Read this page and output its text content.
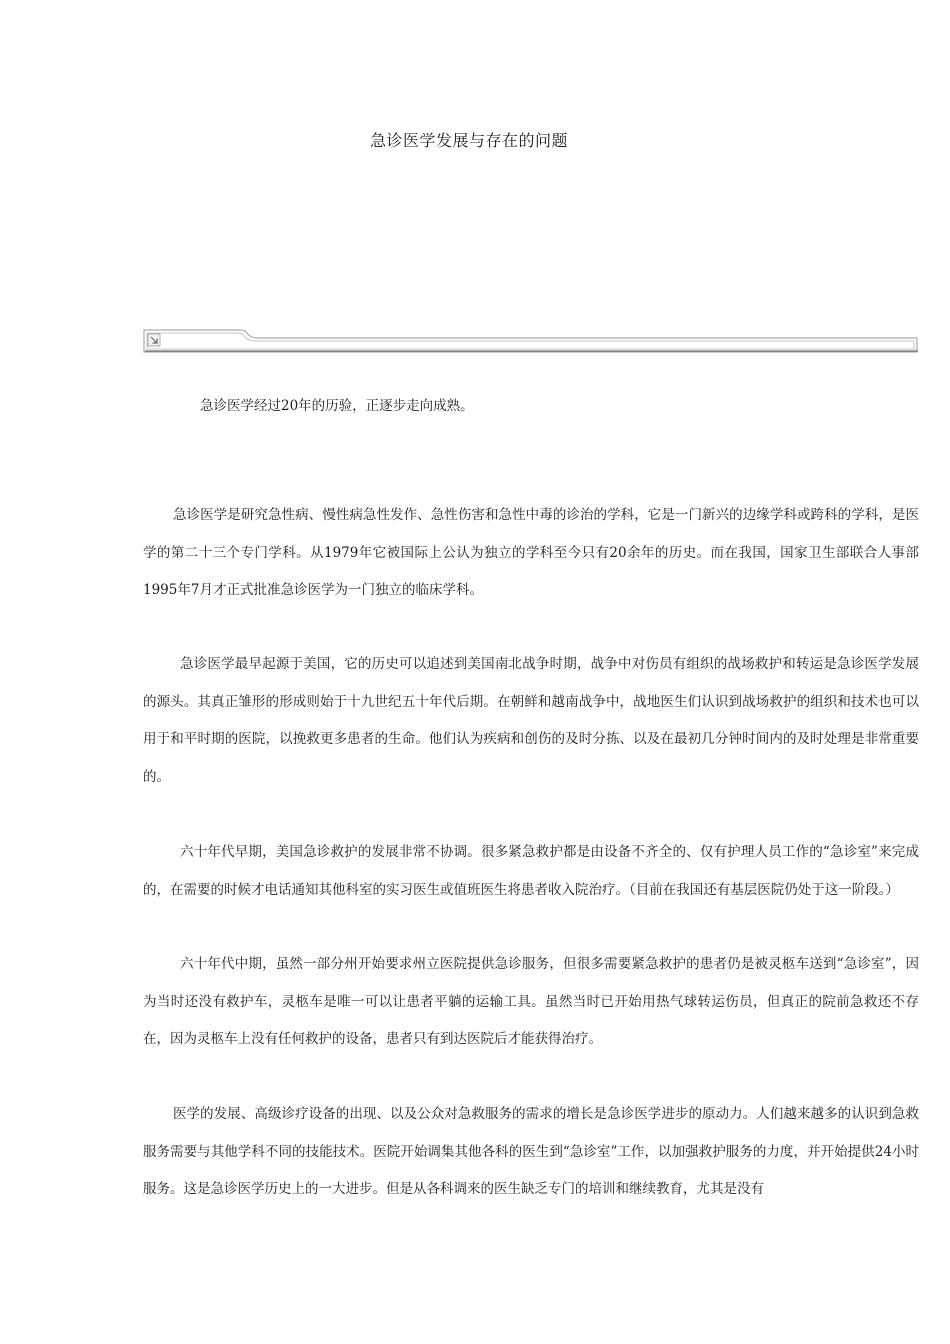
急诊医学发展与存在的问题
急诊医学经过20年的历验，正逐步走向成熟。

急诊医学是研究急性病、慢性病急性发作、急性伤害和急性中毒的诊治的学科，它是一门新兴的边缘学科或跨科的学科，是医学的第二十三个专门学科。从1979年它被国际上公认为独立的学科至今只有20余年的历史。而在我国，国家卫生部联合人事部1995年7月才正式批准急诊医学为一门独立的临床学科。

急诊医学最早起源于美国，它的历史可以追述到美国南北战争时期，战争中对伤员有组织的战场救护和转运是急诊医学发展的源头。其真正雏形的形成则始于十九世纪五十年代后期。在朝鲜和越南战争中，战地医生们认识到战场救护的组织和技术也可以用于和平时期的医院，以挽救更多患者的生命。他们认为疾病和创伤的及时分拣、以及在最初几分钟时间内的及时处理是非常重要的。

六十年代早期，美国急诊救护的发展非常不协调。很多紧急救护都是由设备不齐全的、仅有护理人员工作的“急诊室”来完成的，在需要的时候才电话通知其他科室的实习医生或值班医生将患者收入院治疗。（目前在我国还有基层医院仍处于这一阶段。）

六十年代中期，虽然一部分州开始要求州立医院提供急诊服务，但很多需要紧急救护的患者仍是被灵柩车送到“急诊室”，因为当时还没有救护车，灵柩车是唯一可以让患者平躺的运输工具。虽然当时已开始用热气球转运伤员，但真正的院前急救还不存在，因为灵柩车上没有任何救护的设备，患者只有到达医院后才能获得治疗。

医学的发展、高级诊疗设备的出现、以及公众对急救服务的需求的增长是急诊医学进步的原动力。人们越来越多的认识到急救服务需要与其他学科不同的技能技术。医院开始调集其他各科的医生到“急诊室”工作，以加强救护服务的力度，并开始提供24小时服务。这是急诊医学历史上的一大进步。但是从各科调来的医生缺乏专门的培训和继续教育，尤其是没有
